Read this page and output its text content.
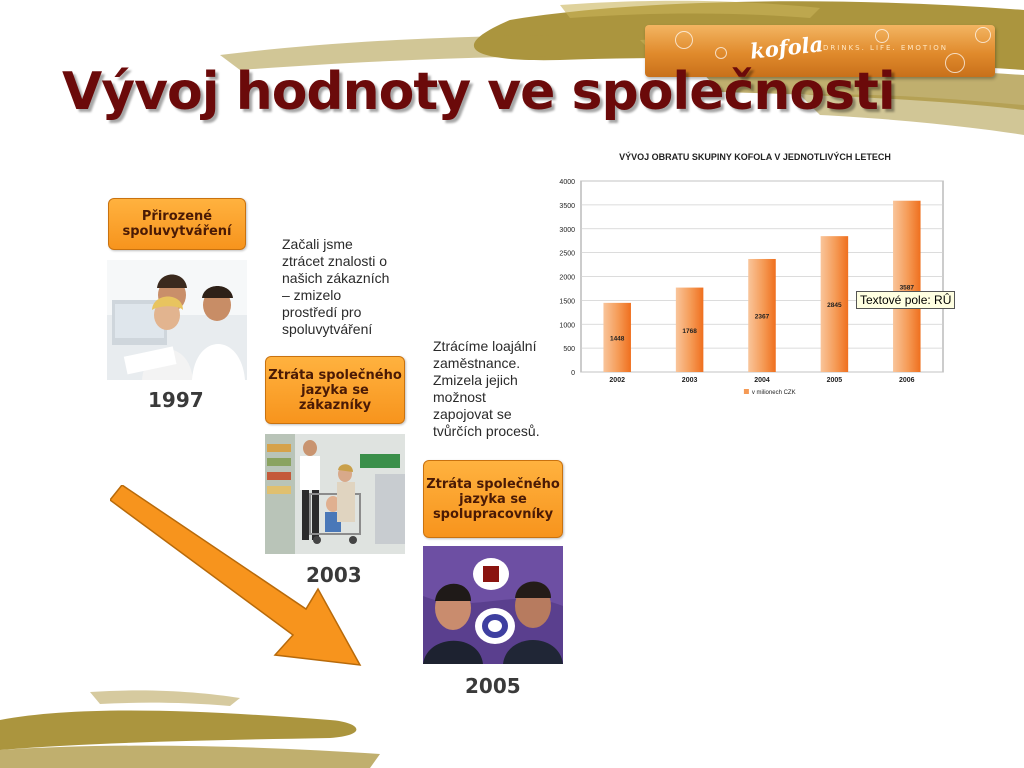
kofola
DRINKS. LIFE. EMOTION
Vývoj hodnoty ve společnosti
Přirozené spoluvytváření
Začali jsme
ztrácet znalosti o
našich zákazních
– zmizelo
prostředí pro
spoluvytváření
1997
Ztráta společného jazyka se zákazníky
Ztrácíme loajální
zaměstnance.
Zmizela jejich
možnost
zapojovat se
tvůrčích procesů.
2003
Ztráta společného jazyka se spolupracovníky
2005
VÝVOJ OBRATU SKUPINY KOFOLA V JEDNOTLIVÝCH LETECH
0
500
1000
1500
2000
2500
3000
3500
4000
1448
1768
2367
2845
3587
2002	2003	2004	2005	2006
v milionech CZK
Textové pole: RÛ
